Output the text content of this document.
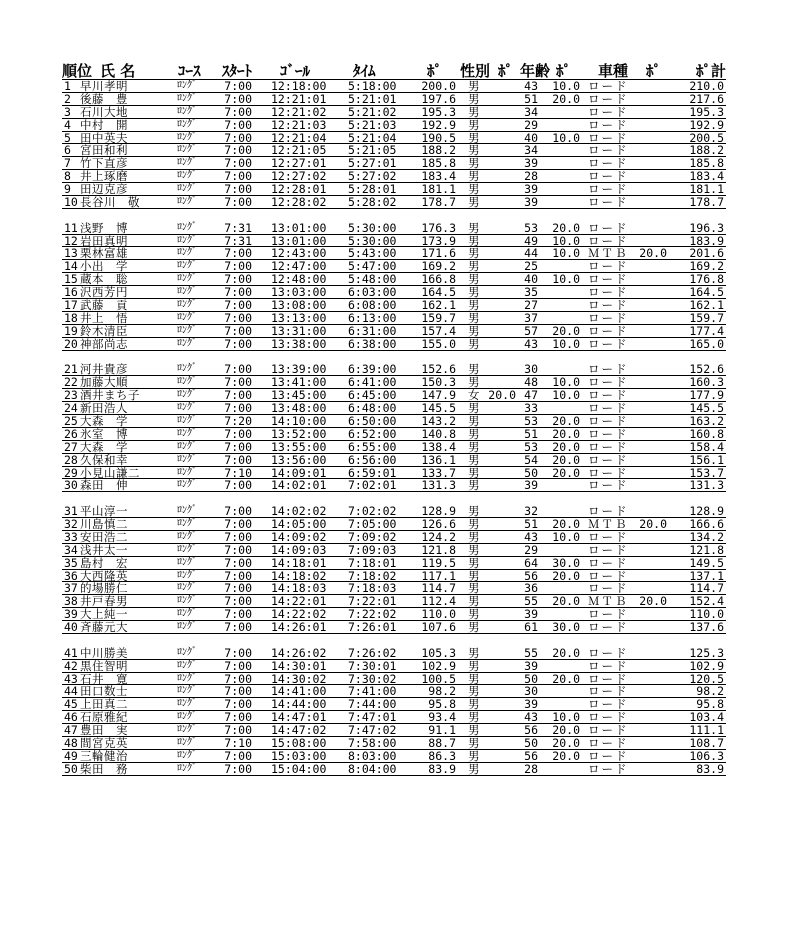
順位 氏 名	ｺｰｽ ｽﾀｰﾄ ｺﾞｰﾙ	ﾀｲﾑ	ﾎﾟ 性別 ﾎﾟ 年齢 ﾎﾟ 車種 ﾎﾟ ﾎﾟ計
1 早川孝明	ﾛﾝｸﾞ 7:00 12:18:00 5:18:00	200.0 男	43	10.0 ロード	210.0
2 後藤　豊	ﾛﾝｸﾞ 7:00 12:21:01 5:21:01	197.6 男	51	20.0 ロード	217.6
3 石川大地	ﾛﾝｸﾞ 7:00 12:21:02 5:21:02	195.3 男	34	ロード	195.3
4 中村　開	ﾛﾝｸﾞ 7:00 12:21:03 5:21:03	192.9 男	29	ロード	192.9
5 田中英夫	ﾛﾝｸﾞ 7:00 12:21:04 5:21:04	190.5 男	40	10.0 ロード	200.5
6 宮田和利	ﾛﾝｸﾞ 7:00 12:21:05 5:21:05	188.2 男	34	ロード	188.2
7 竹下直彦	ﾛﾝｸﾞ 7:00 12:27:01 5:27:01	185.8 男	39	ロード	185.8
8 井上琢磨	ﾛﾝｸﾞ 7:00 12:27:02 5:27:02	183.4 男	28	ロード	183.4
9 田辺克彦	ﾛﾝｸﾞ 7:00 12:28:01 5:28:01	181.1 男	39	ロード	181.1
10 長谷川　敬	ﾛﾝｸﾞ 7:00 12:28:02 5:28:02	178.7 男	39	ロード	178.7
11 浅野　博	ﾛﾝｸﾞ 7:31 13:01:00 5:30:00	176.3 男	53	20.0 ロード	196.3
12 岩田真明	ﾛﾝｸﾞ 7:31 13:01:00 5:30:00	173.9 男	49	10.0 ロード	183.9
13 栗林富雄	ﾛﾝｸﾞ 7:00 12:43:00 5:43:00	171.6 男	44	10.0 ＭＴＢ 20.0	201.6
14 小出　学	ﾛﾝｸﾞ 7:00 12:47:00 5:47:00	169.2 男	25	ロード	169.2
15 蔵本　聡	ﾛﾝｸﾞ 7:00 12:48:00 5:48:00	166.8 男	40	10.0 ロード	176.8
16 沢西芳円	ﾛﾝｸﾞ 7:00 13:03:00 6:03:00	164.5 男	35	ロード	164.5
17 武藤　貢	ﾛﾝｸﾞ 7:00 13:08:00 6:08:00	162.1 男	27	ロード	162.1
18 井上　悟	ﾛﾝｸﾞ 7:00 13:13:00 6:13:00	159.7 男	37	ロード	159.7
19 鈴木清臣	ﾛﾝｸﾞ 7:00 13:31:00 6:31:00	157.4 男	57	20.0 ロード	177.4
20 神部尚志	ﾛﾝｸﾞ 7:00 13:38:00 6:38:00	155.0 男	43	10.0 ロード	165.0
21 河井貴彦	ﾛﾝｸﾞ 7:00 13:39:00 6:39:00	152.6 男	30	ロード	152.6
22 加藤大順	ﾛﾝｸﾞ 7:00 13:41:00 6:41:00	150.3 男	48	10.0 ロード	160.3
23 酒井まち子	ﾛﾝｸﾞ 7:00 13:45:00 6:45:00	147.9 女 20.0 47	10.0 ロード	177.9
24 新田浩人	ﾛﾝｸﾞ 7:00 13:48:00 6:48:00	145.5 男	33	ロード	145.5
25 大森　学	ﾛﾝｸﾞ 7:20 14:10:00 6:50:00	143.2 男	53	20.0 ロード	163.2
26 氷室　博	ﾛﾝｸﾞ 7:00 13:52:00 6:52:00	140.8 男	51	20.0 ロード	160.8
27 大森　学	ﾛﾝｸﾞ 7:00 13:55:00 6:55:00	138.4 男	53	20.0 ロード	158.4
28 久保和幸	ﾛﾝｸﾞ 7:00 13:56:00 6:56:00	136.1 男	54	20.0 ロード	156.1
29 小見山謙二	ﾛﾝｸﾞ 7:10 14:09:01 6:59:01	133.7 男	50	20.0 ロード	153.7
30 森田　伸	ﾛﾝｸﾞ 7:00 14:02:01 7:02:01	131.3 男	39	ロード	131.3
31 平山淳一	ﾛﾝｸﾞ 7:00 14:02:02 7:02:02	128.9 男	32	ロード	128.9
32 川島慎二	ﾛﾝｸﾞ 7:00 14:05:00 7:05:00	126.6 男	51	20.0 ＭＴＢ 20.0	166.6
33 安田浩二	ﾛﾝｸﾞ 7:00 14:09:02 7:09:02	124.2 男	43	10.0 ロード	134.2
34 浅井太一	ﾛﾝｸﾞ 7:00 14:09:03 7:09:03	121.8 男	29	ロード	121.8
35 島村　宏	ﾛﾝｸﾞ 7:00 14:18:01 7:18:01	119.5 男	64	30.0 ロード	149.5
36 大西隆英	ﾛﾝｸﾞ 7:00 14:18:02 7:18:02	117.1 男	56	20.0 ロード	137.1
37 的場勝仁	ﾛﾝｸﾞ 7:00 14:18:03 7:18:03	114.7 男	36	ロード	114.7
38 井戸春男	ﾛﾝｸﾞ 7:00 14:22:01 7:22:01	112.4 男	55	20.0 ＭＴＢ 20.0	152.4
39 大上純一	ﾛﾝｸﾞ 7:00 14:22:02 7:22:02	110.0 男	39	ロード	110.0
40 斉藤元大	ﾛﾝｸﾞ 7:00 14:26:01 7:26:01	107.6 男	61	30.0 ロード	137.6
41 中川勝美	ﾛﾝｸﾞ 7:00 14:26:02 7:26:02	105.3 男	55	20.0 ロード	125.3
42 黒住智明	ﾛﾝｸﾞ 7:00 14:30:01 7:30:01	102.9 男	39	ロード	102.9
43 石井　寛	ﾛﾝｸﾞ 7:00 14:30:02 7:30:02	100.5 男	50	20.0 ロード	120.5
44 田口数士	ﾛﾝｸﾞ 7:00 14:41:00 7:41:00	98.2 男	30	ロード	98.2
45 上田真二	ﾛﾝｸﾞ 7:00 14:44:00 7:44:00	95.8 男	39	ロード	95.8
46 石原雅紀	ﾛﾝｸﾞ 7:00 14:47:01 7:47:01	93.4 男	43	10.0 ロード	103.4
47 豊田　実	ﾛﾝｸﾞ 7:00 14:47:02 7:47:02	91.1 男	56	20.0 ロード	111.1
48 間宮克英	ﾛﾝｸﾞ 7:10 15:08:00 7:58:00	88.7 男	50	20.0 ロード	108.7
49 三輪健治	ﾛﾝｸﾞ 7:00 15:03:00 8:03:00	86.3 男	56	20.0 ロード	106.3
50 柴田　務	ﾛﾝｸﾞ 7:00 15:04:00 8:04:00	83.9 男	28	ロード	83.9
